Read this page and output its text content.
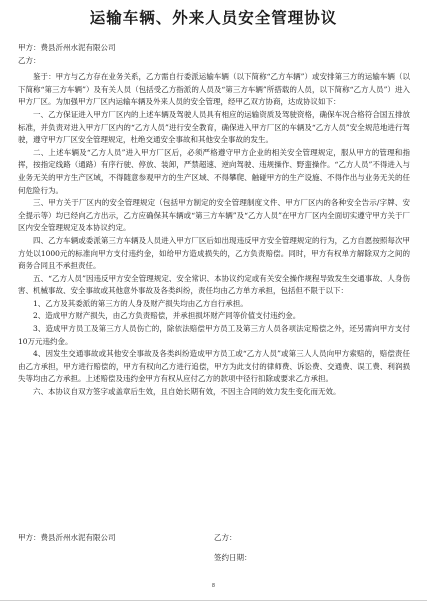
运输车辆、外来人员安全管理协议

甲方：费县沂州水泥有限公司

乙方：

鉴于：甲方与乙方存在业务关系，乙方需自行委派运输车辆（以下简称“乙方车辆”）或安排第三方的运输车辆（以下简称“第三方车辆”）及有关人员（包括受乙方指派的人员及“第三方车辆”所搭载的人员，以下简称“乙方人员”）进入甲方厂区。为加强甲方厂区内运输车辆及外来人员的安全管理，经甲乙双方协商，达成协议如下：

一、乙方保证进入甲方厂区内的上述车辆及驾驶人员具有相应的运输资质及驾驶资格，确保车况合格符合国五排放标准，并负责对进入甲方厂区内的“乙方人员”进行安全教育，确保进入甲方厂区的车辆及“乙方人员”安全规范地进行驾驶，遵守甲方厂区安全管理规定，杜绝交通安全事故和其他安全事故的发生。

二、上述车辆及“乙方人员”进入甲方厂区后，必须严格遵守甲方企业的相关安全管理规定，服从甲方的管理和指挥，按指定线路（通路）有序行驶、停放、装卸，严禁超速、逆向驾驶、违规操作、野蛮操作。“乙方人员”不得进入与业务无关的甲方生产区域，不得随意参观甲方的生产区域、不得攀爬、触碰甲方的生产设施、不得作出与业务无关的任何危险行为。

三、甲方关于厂区内的安全管理规定（包括甲方制定的安全管理制度文件、甲方厂区内的各种安全告示/字牌、安全提示等）均已经向乙方出示，乙方应确保其车辆或“第三方车辆”及“乙方人员”在甲方厂区内全面切实遵守甲方关于厂区内安全管理规定及本协议约定。

四、乙方车辆或委派第三方车辆及人员进入甲方厂区后如出现违反甲方安全管理规定的行为，乙方自愿按照每次甲方处以1000元的标准向甲方支付违约金，如给甲方造成损失的，乙方负责赔偿。同时，甲方有权单方解除双方之间的商务合同且不承担责任。

五、“乙方人员”因违反甲方安全管理规定、安全常识、本协议约定或有关安全操作规程导致发生交通事故、人身伤害、机械事故、安全事故或其他意外事故及各类纠纷，责任均由乙方单方承担，包括但不限于以下：

1、乙方及其委派的第三方的人身及财产损失均由乙方自行承担。

2、造成甲方财产损失，由乙方负责赔偿，并承担损坏财产同等价值支付违约金。

3、造成甲方员工及第三方人员伤亡的，除依法赔偿甲方员工及第三方人员各项法定赔偿之外，还另需向甲方支付10万元违约金。

4、因发生交通事故或其他安全事故及各类纠纷造成甲方员工或“乙方人员”或第三人人员向甲方索赔的，赔偿责任由乙方承担，甲方进行赔偿的，甲方有权向乙方进行追偿，甲方为此支付的律师费、诉讼费、交通费、误工费、利润损失等均由乙方承担。上述赔偿及违约金甲方有权从应付乙方的款项中径行扣除或要求乙方承担。

六、本协议自双方签字或盖章后生效，且自始长期有效，不因主合同的效力发生变化而无效。

甲方：费县沂州水泥有限公司	乙方：
签约日期：
8
